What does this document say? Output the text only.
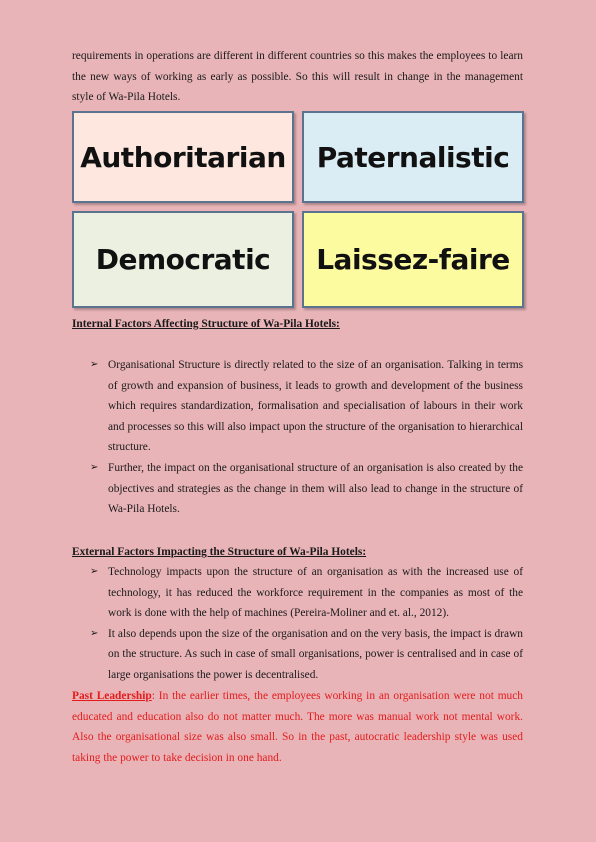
requirements in operations are different in different countries so this makes the employees to learn the new ways of working as early as possible. So this will result in change in the management style of Wa-Pila Hotels.
Authoritarian	Paternalistic
Democratic	Laissez-faire
Internal Factors Affecting Structure of Wa-Pila Hotels:
➢ Organisational Structure is directly related to the size of an organisation. Talking in terms of growth and expansion of business, it leads to growth and development of the business which requires standardization, formalisation and specialisation of labours in their work and processes so this will also impact upon the structure of the organisation to hierarchical structure.
➢ Further, the impact on the organisational structure of an organisation is also created by the objectives and strategies as the change in them will also lead to change in the structure of Wa-Pila Hotels.
External Factors Impacting the Structure of Wa-Pila Hotels:
➢ Technology impacts upon the structure of an organisation as with the increased use of technology, it has reduced the workforce requirement in the companies as most of the work is done with the help of machines (Pereira-Moliner and et. al., 2012).
➢ It also depends upon the size of the organisation and on the very basis, the impact is drawn on the structure. As such in case of small organisations, power is centralised and in case of large organisations the power is decentralised.
Past Leadership: In the earlier times, the employees working in an organisation were not much educated and education also do not matter much. The more was manual work not mental work. Also the organisational size was also small. So in the past, autocratic leadership style was used taking the power to take decision in one hand.
